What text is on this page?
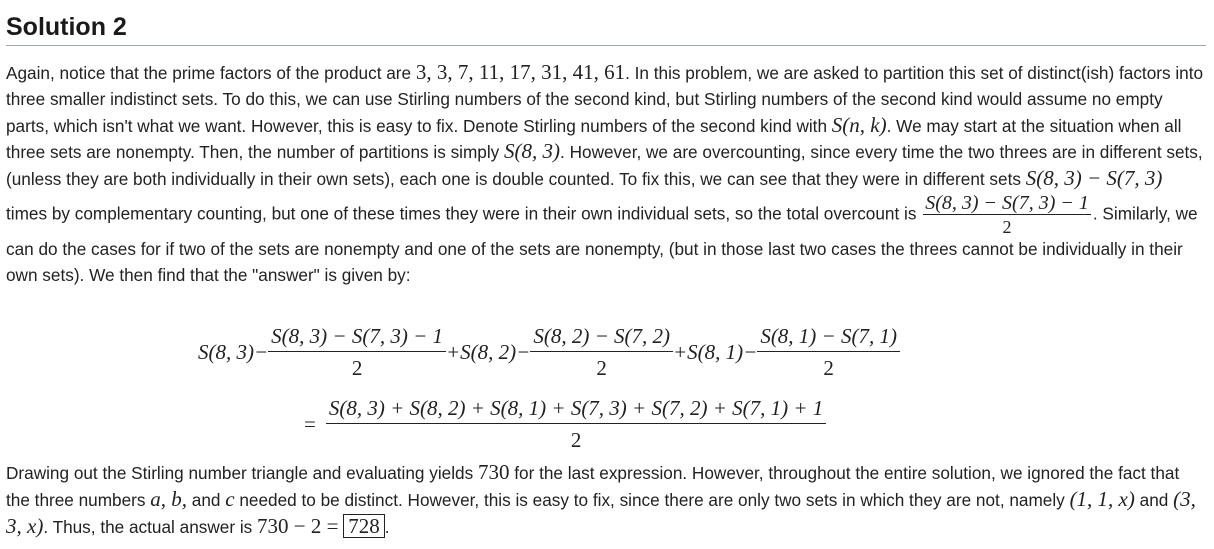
Solution 2

Again, notice that the prime factors of the product are 3, 3, 7, 11, 17, 31, 41, 61. In this problem, we are asked to partition this set of distinct(ish) factors into three smaller indistinct sets. To do this, we can use Stirling numbers of the second kind, but Stirling numbers of the second kind would assume no empty parts, which isn't what we want. However, this is easy to fix. Denote Stirling numbers of the second kind with S(n, k). We may start at the situation when all three sets are nonempty. Then, the number of partitions is simply S(8, 3). However, we are overcounting, since every time the two threes are in different sets, (unless they are both individually in their own sets), each one is double counted. To fix this, we can see that they were in different sets S(8, 3) − S(7, 3) times by complementary counting, but one of these times they were in their own individual sets, so the total overcount is $\frac{S(8, 3) - S(7, 3) - 1}{2}$ . Similarly, we can do the cases for if two of the sets are nonempty and one of the sets are nonempty, (but in those last two cases the threes cannot be individually in their own sets). We then find that the "answer" is given by:

S(8, $3)- \frac{S(8, 3) - S(7, 3) - 1}{2} +S(8$, $2)- \frac{S(8, 2) - S(7, 2)}{2} +S(8$, $1)- \frac{S(8, 1) - S(7, 1)}{2}$
=
S(8, 3) + S(8, 2) + S(8, 1) + S(7, 3) + S(7, 2) + S(7, 1) + 1
2

Drawing out the Stirling number triangle and evaluating yields 730 for the last expression. However, throughout the entire solution, we ignored the fact that the three numbers a, b, and c needed to be distinct. However, this is easy to fix, since there are only two sets in which they are not, namely (1, 1, x) and (3, 3, x). Thus, the actual answer is 730 − 2 = 728 .
